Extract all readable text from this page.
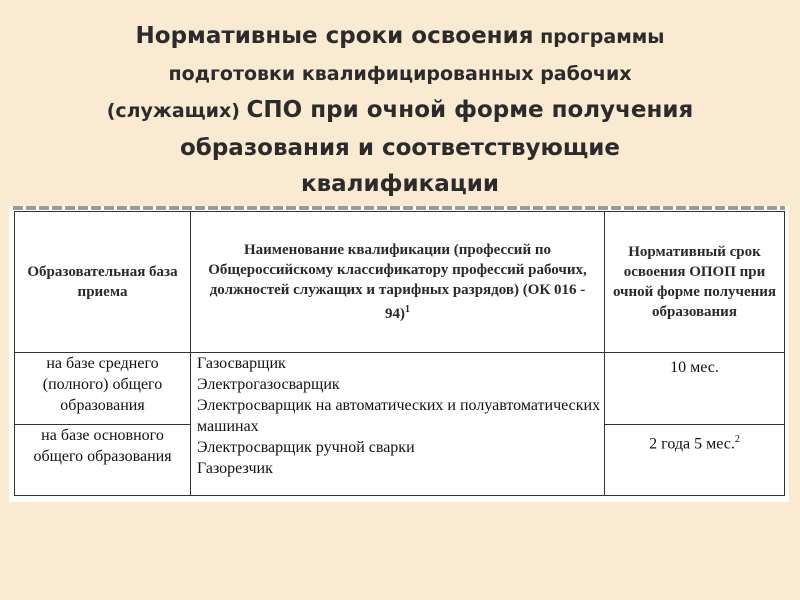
Нормативные сроки освоения программы
подготовки квалифицированных рабочих
(служащих) СПО при очной форме получения
образования и соответствующие
квалификации
Образовательная база приема	Наименование квалификации (профессий по Общероссийскому классификатору профессий рабочих, должностей служащих и тарифных разрядов) (ОК 016 - 94)$^1$	Нормативный срок освоения ОПОП при очной форме получения образования
на базе среднего (полного) общего образования	Газосварщик
Электрогазосварщик
Электросварщик на автоматических и полуавтоматических машинах
Электросварщик ручной сварки
Газорезчик	10 мес.
на базе основного общего образования		2 года 5 мес.$^2$
